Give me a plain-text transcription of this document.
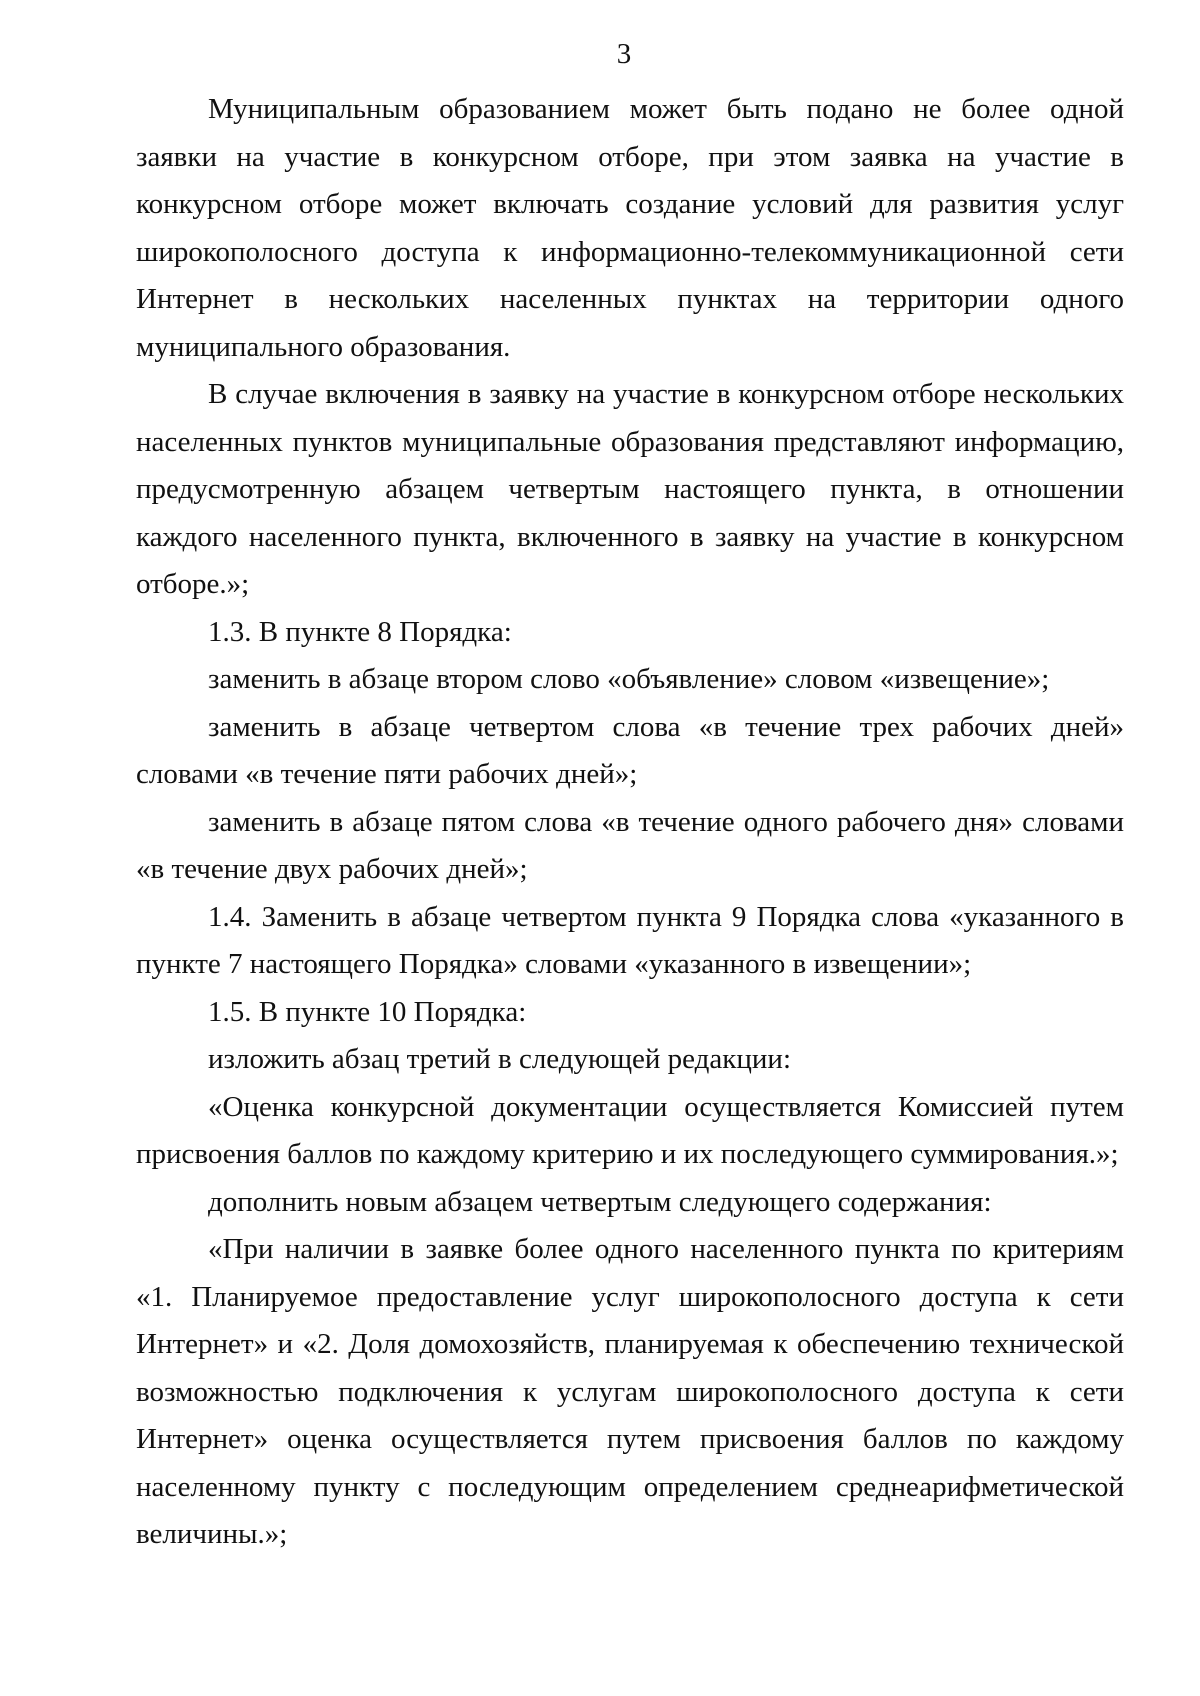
3

Муниципальным образованием может быть подано не более одной заявки на участие в конкурсном отборе, при этом заявка на участие в конкурсном отборе может включать создание условий для развития услуг широкополосного доступа к информационно-телекоммуникационной сети Интернет в нескольких населенных пунктах на территории одного муниципального образования.

В случае включения в заявку на участие в конкурсном отборе нескольких населенных пунктов муниципальные образования представляют информацию, предусмотренную абзацем четвертым настоящего пункта, в отношении каждого населенного пункта, включенного в заявку на участие в конкурсном отборе.»;

1.3. В пункте 8 Порядка:

заменить в абзаце втором слово «объявление» словом «извещение»;

заменить в абзаце четвертом слова «в течение трех рабочих дней» словами «в течение пяти рабочих дней»;

заменить в абзаце пятом слова «в течение одного рабочего дня» словами «в течение двух рабочих дней»;

1.4. Заменить в абзаце четвертом пункта 9 Порядка слова «указанного в пункте 7 настоящего Порядка» словами «указанного в извещении»;

1.5. В пункте 10 Порядка:

изложить абзац третий в следующей редакции:

«Оценка конкурсной документации осуществляется Комиссией путем присвоения баллов по каждому критерию и их последующего суммирования.»;

дополнить новым абзацем четвертым следующего содержания:

«При наличии в заявке более одного населенного пункта по критериям «1. Планируемое предоставление услуг широкополосного доступа к сети Интернет» и «2. Доля домохозяйств, планируемая к обеспечению технической возможностью подключения к услугам широкополосного доступа к сети Интернет» оценка осуществляется путем присвоения баллов по каждому населенному пункту с последующим определением среднеарифметической величины.»;
